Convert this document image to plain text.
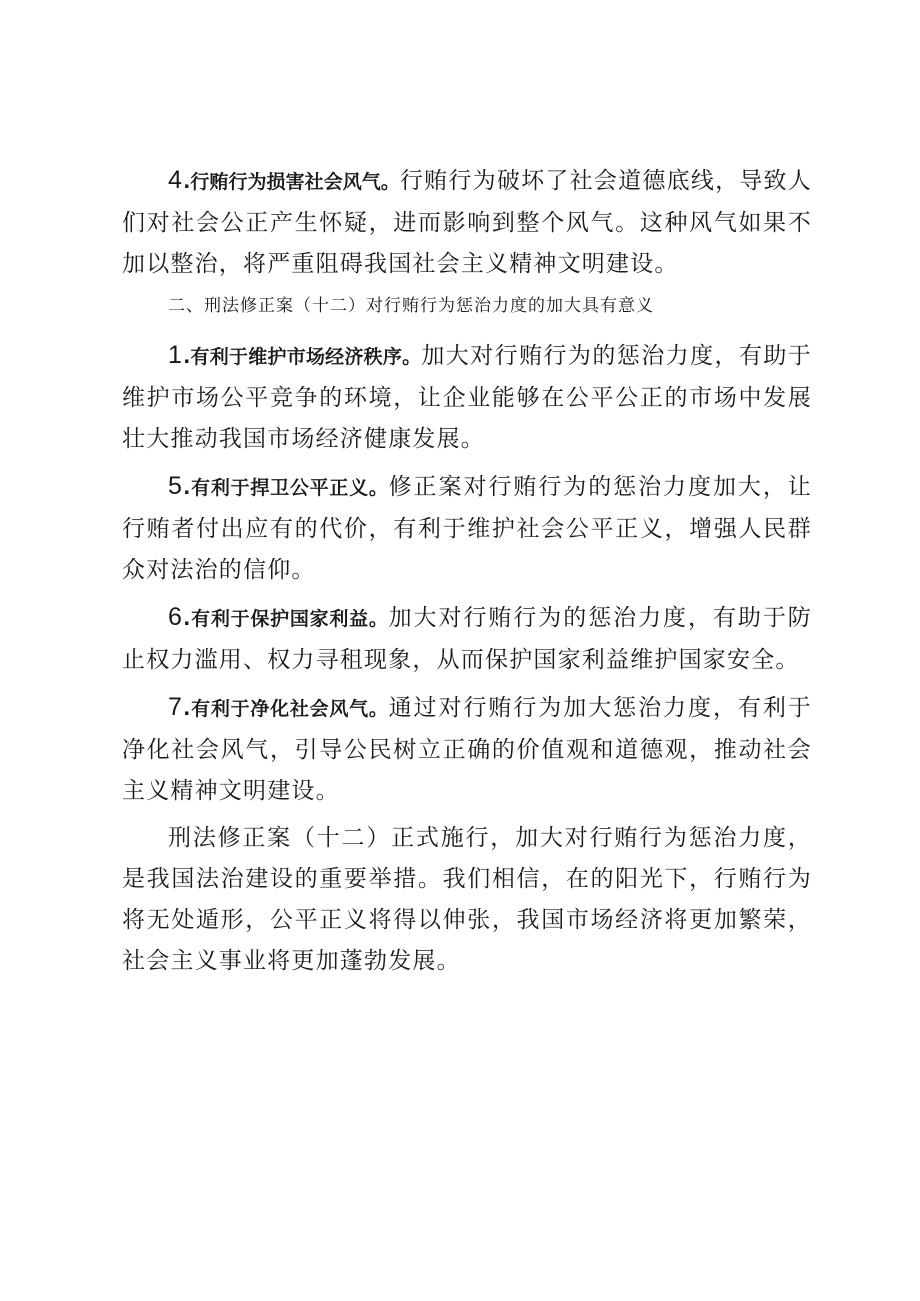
4.行贿行为损害社会风气。行贿行为破坏了社会道德底线，导致人们对社会公正产生怀疑，进而影响到整个风气。这种风气如果不加以整治，将严重阻碍我国社会主义精神文明建设。

二、刑法修正案（十二）对行贿行为惩治力度的加大具有意义

1.有利于维护市场经济秩序。加大对行贿行为的惩治力度，有助于维护市场公平竞争的环境，让企业能够在公平公正的市场中发展壮大推动我国市场经济健康发展。

5.有利于捍卫公平正义。修正案对行贿行为的惩治力度加大，让行贿者付出应有的代价，有利于维护社会公平正义，增强人民群众对法治的信仰。

6.有利于保护国家利益。加大对行贿行为的惩治力度，有助于防止权力滥用、权力寻租现象，从而保护国家利益维护国家安全。

7.有利于净化社会风气。通过对行贿行为加大惩治力度，有利于净化社会风气，引导公民树立正确的价值观和道德观，推动社会主义精神文明建设。

刑法修正案（十二）正式施行，加大对行贿行为惩治力度，是我国法治建设的重要举措。我们相信，在的阳光下，行贿行为将无处遁形，公平正义将得以伸张，我国市场经济将更加繁荣，社会主义事业将更加蓬勃发展。
